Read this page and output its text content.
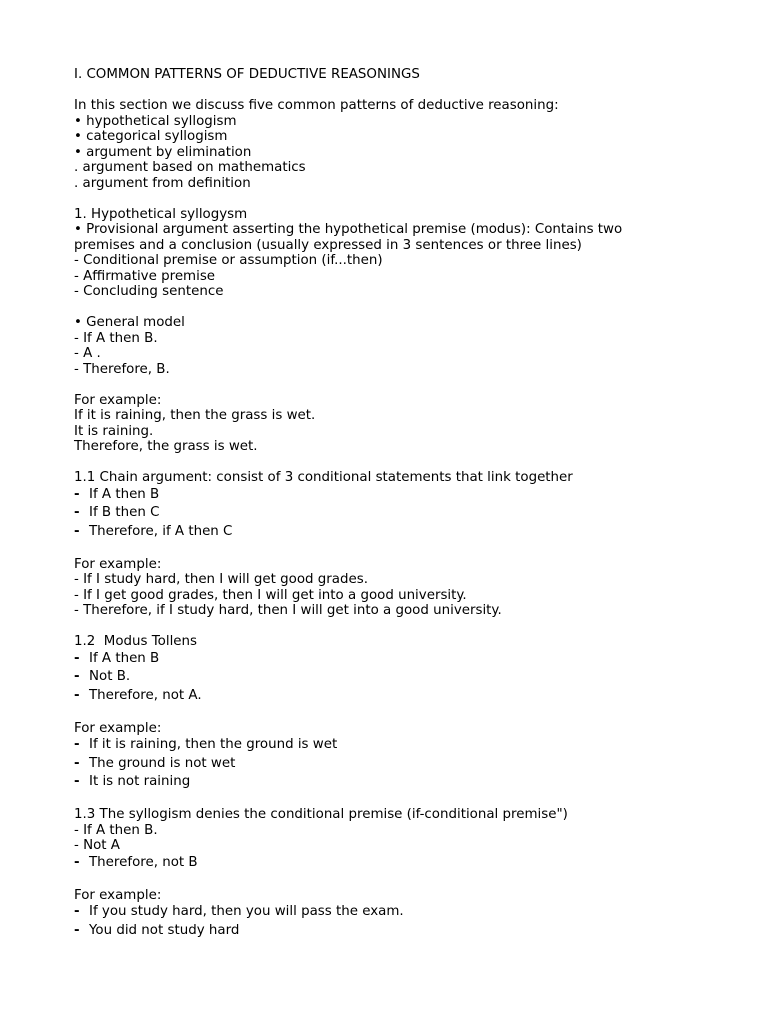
I. COMMON PATTERNS OF DEDUCTIVE REASONINGS
In this section we discuss five common patterns of deductive reasoning:
• hypothetical syllogism
• categorical syllogism
• argument by elimination
. argument based on mathematics
. argument from definition
1. Hypothetical syllogysm
• Provisional argument asserting the hypothetical premise (modus): Contains two
premises and a conclusion (usually expressed in 3 sentences or three lines)
- Conditional premise or assumption (if...then)
- Affirmative premise
- Concluding sentence
• General model
- If A then B.
- A .
- Therefore, B.
For example:
If it is raining, then the grass is wet.
It is raining.
Therefore, the grass is wet.
1.1 Chain argument: consist of 3 conditional statements that link together
- If A then B
- If B then C
- Therefore, if A then C
For example:
- If I study hard, then I will get good grades.
- If I get good grades, then I will get into a good university.
- Therefore, if I study hard, then I will get into a good university.
1.2  Modus Tollens
- If A then B
- Not B.
- Therefore, not A.
For example:
- If it is raining, then the ground is wet
- The ground is not wet
- It is not raining
1.3 The syllogism denies the conditional premise (if-conditional premise")
- If A then B.
- Not A
- Therefore, not B
For example:
- If you study hard, then you will pass the exam.
- You did not study hard
